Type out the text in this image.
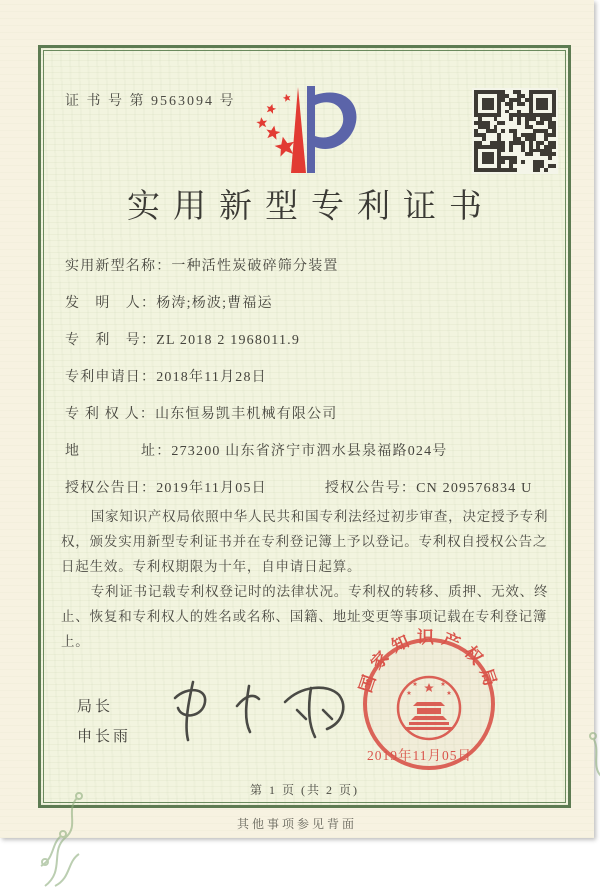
证 书 号 第 9563094 号
实用新型专利证书
实用新型名称： 一种活性炭破碎筛分装置
发　明　人： 杨涛;杨波;曹福运
专　利　号： ZL 2018 2 1968011.9
专利申请日： 2018年11月28日
专 利 权 人： 山东恒易凯丰机械有限公司
地　　　　址： 273200 山东省济宁市泗水县泉福路024号
授权公告日： 2019年11月05日	授权公告号： CN 209576834 U

国家知识产权局依照中华人民共和国专利法经过初步审查，决定授予专利权，颁发实用新型专利证书并在专利登记簿上予以登记。专利权自授权公告之日起生效。专利权期限为十年，自申请日起算。

专利证书记载专利权登记时的法律状况。专利权的转移、质押、无效、终止、恢复和专利权人的姓名或名称、国籍、地址变更等事项记载在专利登记簿上。

局长
申长雨
国家知识产权局
2019年11月05日
第 1 页 (共 2 页)
其他事项参见背面
